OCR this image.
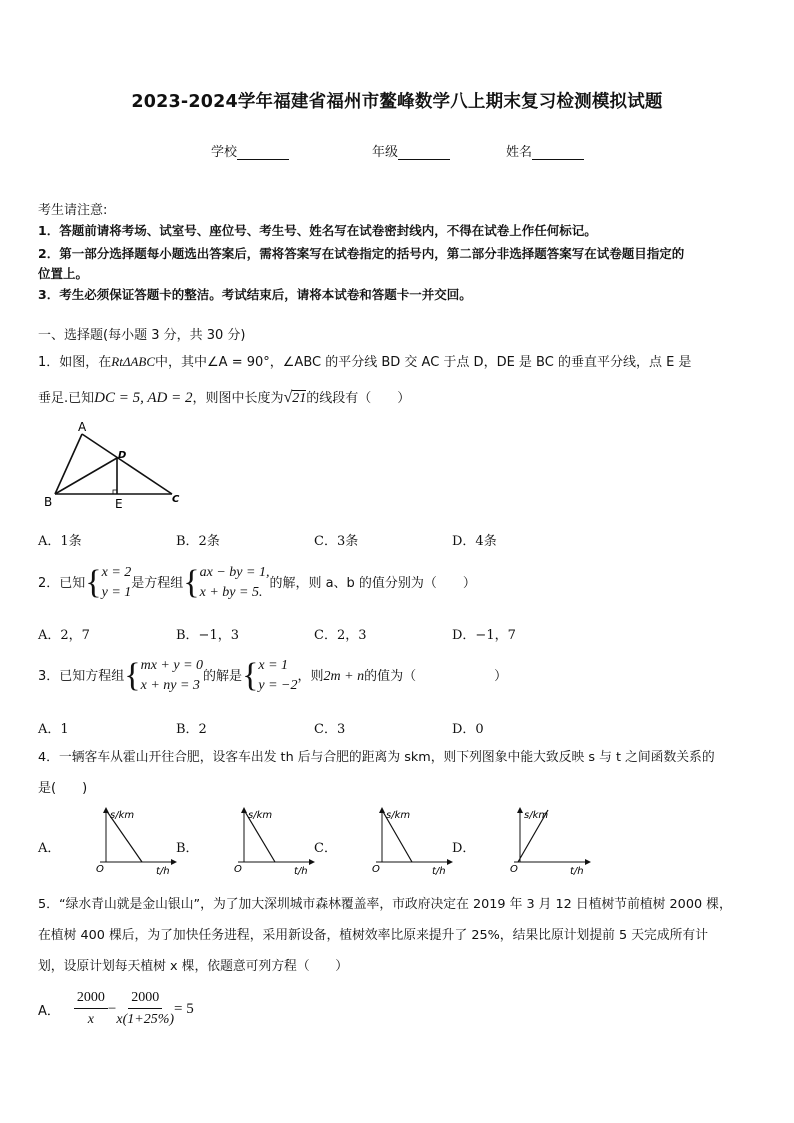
2023-2024学年福建省福州市鳌峰数学八上期末复习检测模拟试题
学校	年级	姓名
考生请注意:
1．答题前请将考场、试室号、座位号、考生号、姓名写在试卷密封线内，不得在试卷上作任何标记。
2．第一部分选择题每小题选出答案后，需将答案写在试卷指定的括号内，第二部分非选择题答案写在试卷题目指定的
位置上。
3．考生必须保证答题卡的整洁。考试结束后，请将本试卷和答题卡一并交回。
一、选择题(每小题 3 分，共 30 分)
1．如图，在RtΔABC中，其中∠A = 90°，∠ABC 的平分线 BD 交 AC 于点 D，DE 是 BC 的垂直平分线，点 E 是
垂足.已知DC = 5, AD = 2，则图中长度为√21的线段有（　　）
A
D
B	E	C
A．1条	B．2条	C．3条	D．4条
2．已知 { x = 2
y = 1
是方程组 { ax − by = 1,
x + by = 5.
的解，则 a、b 的值分别为（　　）
A．2，7	B．−1，3	C．2，3	D．−1，7
3．已知方程组 { mx + y = 0
x + ny = 3
的解是 { x = 1
y = −2
，则 2m + n 的值为（　　　　　　）
A．1	B．2	C．3	D．0
4．一辆客车从霍山开往合肥，设客车出发 th 后与合肥的距离为 skm，则下列图象中能大致反映 s 与 t 之间函数关系的
是(　　)
A．
s/km
t/h
O
B．
s/km
t/h
O
C．
s/km
t/h
O
D．
s/km
t/h
O
5．“绿水青山就是金山银山”，为了加大深圳城市森林覆盖率，市政府决定在 2019 年 3 月 12 日植树节前植树 2000 棵，
在植树 400 棵后，为了加快任务进程，采用新设备，植树效率比原来提升了 25%，结果比原计划提前 5 天完成所有计
划，设原计划每天植树 x 棵，依题意可列方程（　　）
A． $\frac{2000}{x} - \frac{2000}{x(1+25\%)} = 5$
